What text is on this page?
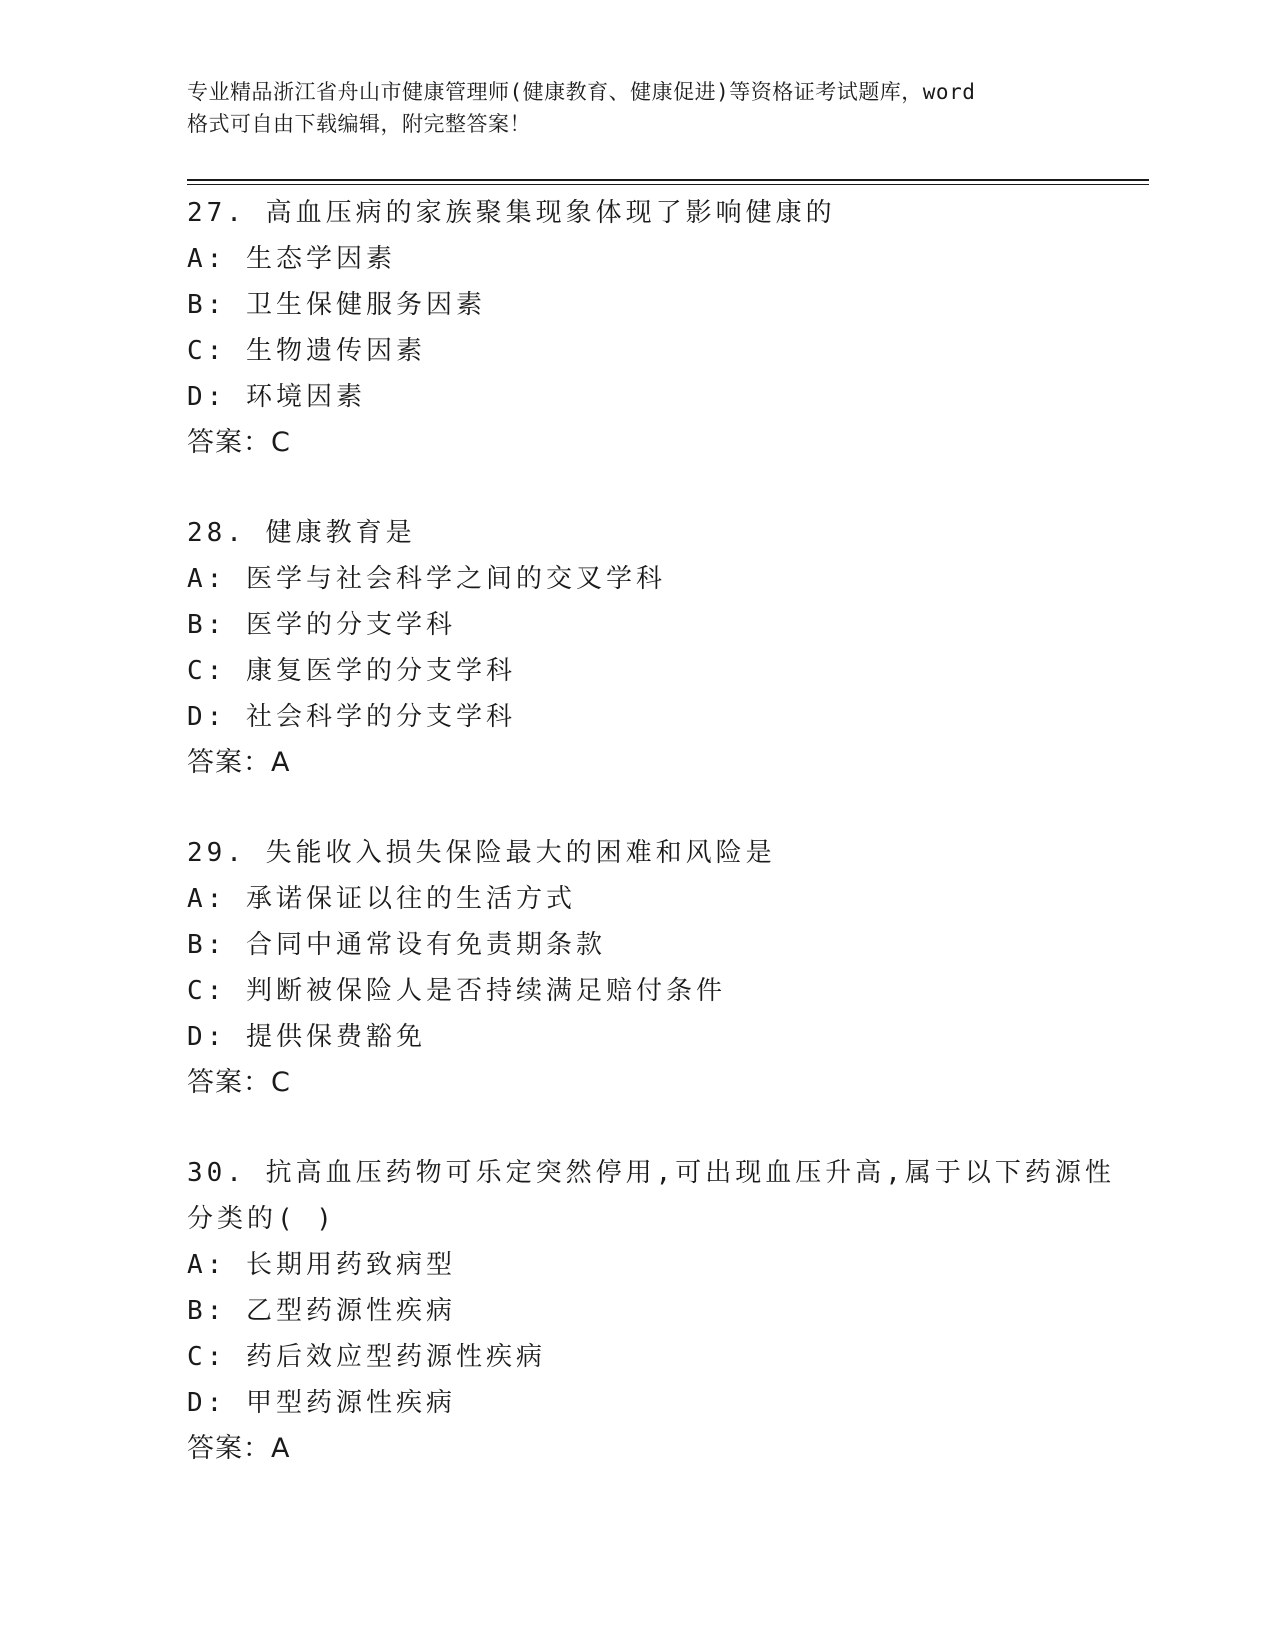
专业精品浙江省舟山市健康管理师(健康教育、健康促进)等资格证考试题库，word
格式可自由下载编辑，附完整答案！
27. 高血压病的家族聚集现象体现了影响健康的
A: 生态学因素
B: 卫生保健服务因素
C: 生物遗传因素
D: 环境因素
答案：C
28. 健康教育是
A: 医学与社会科学之间的交叉学科
B: 医学的分支学科
C: 康复医学的分支学科
D: 社会科学的分支学科
答案：A
29. 失能收入损失保险最大的困难和风险是
A: 承诺保证以往的生活方式
B: 合同中通常设有免责期条款
C: 判断被保险人是否持续满足赔付条件
D: 提供保费豁免
答案：C
30. 抗高血压药物可乐定突然停用,可出现血压升高,属于以下药源性
分类的( )
A: 长期用药致病型
B: 乙型药源性疾病
C: 药后效应型药源性疾病
D: 甲型药源性疾病
答案：A
